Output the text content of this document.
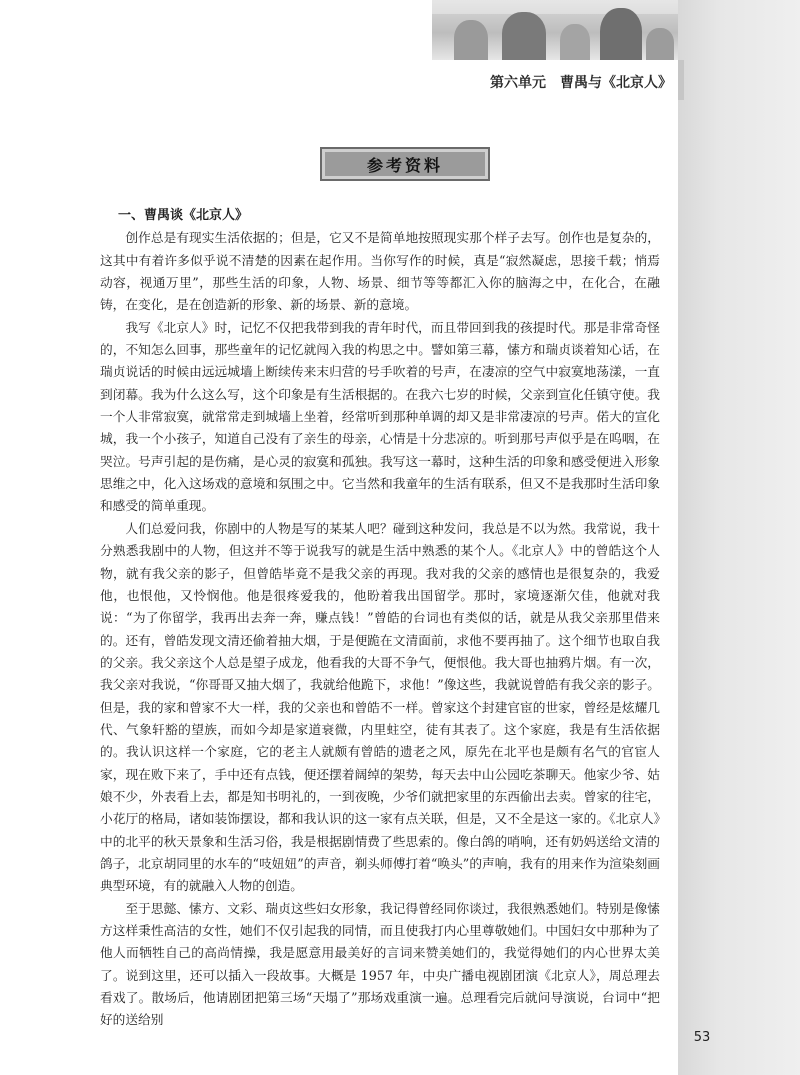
第六单元　曹禺与《北京人》
参考资料
一、曹禺谈《北京人》

创作总是有现实生活依据的；但是，它又不是简单地按照现实那个样子去写。创作也是复杂的，这其中有着许多似乎说不清楚的因素在起作用。当你写作的时候，真是“寂然凝虑，思接千载；悄焉动容，视通万里”，那些生活的印象，人物、场景、细节等等都汇入你的脑海之中，在化合，在融铸，在变化，是在创造新的形象、新的场景、新的意境。

我写《北京人》时，记忆不仅把我带到我的青年时代，而且带回到我的孩提时代。那是非常奇怪的，不知怎么回事，那些童年的记忆就闯入我的构思之中。譬如第三幕，愫方和瑞贞谈着知心话，在瑞贞说话的时候由远远城墙上断续传来末归营的号手吹着的号声，在凄凉的空气中寂寞地荡漾，一直到闭幕。我为什么这么写，这个印象是有生活根据的。在我六七岁的时候，父亲到宣化任镇守使。我一个人非常寂寞，就常常走到城墙上坐着，经常听到那种单调的却又是非常凄凉的号声。偌大的宣化城，我一个小孩子，知道自己没有了亲生的母亲，心情是十分悲凉的。听到那号声似乎是在呜咽，在哭泣。号声引起的是伤痛，是心灵的寂寞和孤独。我写这一幕时，这种生活的印象和感受便进入形象思维之中，化入这场戏的意境和氛围之中。它当然和我童年的生活有联系，但又不是我那时生活印象和感受的简单重现。

人们总爱问我，你剧中的人物是写的某某人吧？碰到这种发问，我总是不以为然。我常说，我十分熟悉我剧中的人物，但这并不等于说我写的就是生活中熟悉的某个人。《北京人》中的曾皓这个人物，就有我父亲的影子，但曾皓毕竟不是我父亲的再现。我对我的父亲的感情也是很复杂的，我爱他，也恨他，又怜悯他。他是很疼爱我的，他盼着我出国留学。那时，家境逐渐欠佳，他就对我说：“为了你留学，我再出去奔一奔，赚点钱！”曾皓的台词也有类似的话，就是从我父亲那里借来的。还有，曾皓发现文清还偷着抽大烟，于是便跪在文清面前，求他不要再抽了。这个细节也取自我的父亲。我父亲这个人总是望子成龙，他看我的大哥不争气，便恨他。我大哥也抽鸦片烟。有一次，我父亲对我说，“你哥哥又抽大烟了，我就给他跪下，求他！”像这些，我就说曾皓有我父亲的影子。但是，我的家和曾家不大一样，我的父亲也和曾皓不一样。曾家这个封建官宦的世家，曾经是炫耀几代、气象轩豁的望族，而如今却是家道衰微，内里蛀空，徒有其表了。这个家庭，我是有生活依据的。我认识这样一个家庭，它的老主人就颇有曾皓的遗老之风，原先在北平也是颇有名气的官宦人家，现在败下来了，手中还有点钱，便还摆着阔绰的架势，每天去中山公园吃茶聊天。他家少爷、姑娘不少，外表看上去，都是知书明礼的，一到夜晚，少爷们就把家里的东西偷出去卖。曾家的往宅，小花厅的格局，诸如装饰摆设，都和我认识的这一家有点关联，但是，又不全是这一家的。《北京人》中的北平的秋天景象和生活习俗，我是根据剧情费了些思索的。像白鸽的哨响，还有奶妈送给文清的鸽子，北京胡同里的水车的“吱妞妞”的声音，剃头师傅打着“唤头”的声响，我有的用来作为渲染刻画典型环境，有的就融入人物的创造。

至于思懿、愫方、文彩、瑞贞这些妇女形象，我记得曾经同你谈过，我很熟悉她们。特别是像愫方这样秉性高洁的女性，她们不仅引起我的同情，而且使我打内心里尊敬她们。中国妇女中那种为了他人而牺牲自己的高尚情操，我是愿意用最美好的言词来赞美她们的，我觉得她们的内心世界太美了。说到这里，还可以插入一段故事。大概是 1957 年，中央广播电视剧团演《北京人》，周总理去看戏了。散场后，他请剧团把第三场“天塌了”那场戏重演一遍。总理看完后就问导演说，台词中“把好的送给别

53
